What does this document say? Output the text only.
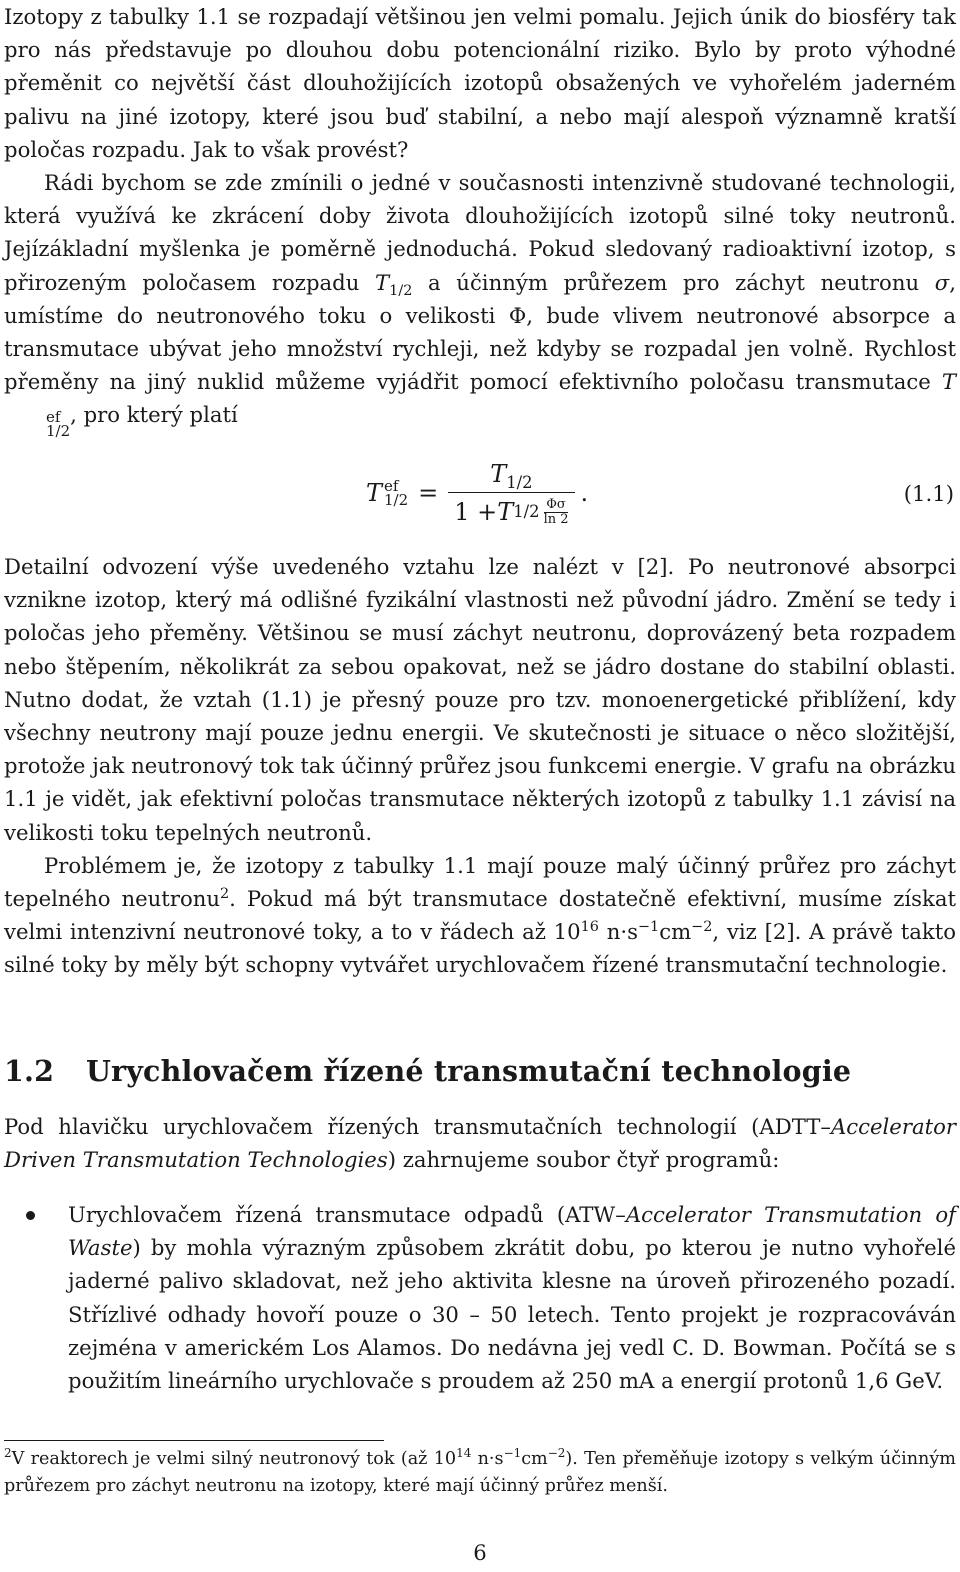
Izotopy z tabulky 1.1 se rozpadají většinou jen velmi pomalu. Jejich únik do biosféry tak pro nás představuje po dlouhou dobu potencionální riziko. Bylo by proto výhodné přeměnit co největší část dlouhožijících izotopů obsažených ve vyhořelém jaderném palivu na jiné izotopy, které jsou buď stabilní, a nebo mají alespoň významně kratší poločas rozpadu. Jak to však provést?

Rádi bychom se zde zmínili o jedné v současnosti intenzivně studované technologii, která využívá ke zkrácení doby života dlouhožijících izotopů silné toky neutronů. Jejízákladní myšlenka je poměrně jednoduchá. Pokud sledovaný radioaktivní izotop, s přirozeným poločasem rozpadu $T_{1/2}$ a účinným průřezem pro záchyt neutronu σ, umístíme do neutronového toku o velikosti Φ, bude vlivem neutronové absorpce a transmutace ubývat jeho množství rychleji, než kdyby se rozpadal jen volně. Rychlost přeměny na jiný nuklid můžeme vyjádřit pomocí efektivního poločasu transmutace T
ef
1/2
, pro který platí

T ef
$1/2 = \frac{T_{1/2}}{1 + T 1/2 \frac{\Phi\sigma}{\ln 2}}$ .	(1.1)

Detailní odvození výše uvedeného vztahu lze nalézt v [2]. Po neutronové absorpci vznikne izotop, který má odlišné fyzikální vlastnosti než původní jádro. Změní se tedy i poločas jeho přeměny. Většinou se musí záchyt neutronu, doprovázený beta rozpadem nebo štěpením, několikrát za sebou opakovat, než se jádro dostane do stabilní oblasti. Nutno dodat, že vztah (1.1) je přesný pouze pro tzv. monoenergetické přiblížení, kdy všechny neutrony mají pouze jednu energii. Ve skutečnosti je situace o něco složitější, protože jak neutronový tok tak účinný průřez jsou funkcemi energie. V grafu na obrázku 1.1 je vidět, jak efektivní poločas transmutace některých izotopů z tabulky 1.1 závisí na velikosti toku tepelných neutronů.

Problémem je, že izotopy z tabulky 1.1 mají pouze malý účinný průřez pro záchyt tepelného neutronu$^2$. Pokud má být transmutace dostatečně efektivní, musíme získat velmi intenzivní neutronové toky, a to v řádech až $10^{16}$ $n\cdot s^{-1}cm^{-2}$, viz [2]. A právě takto silné toky by měly být schopny vytvářet urychlovačem řízené transmutační technologie.

1.2 Urychlovačem řízené transmutační technologie

Pod hlavičku urychlovačem řízených transmutačních technologií (ADTT–Accelerator Driven Transmutation Technologies) zahrnujeme soubor čtyř programů:

Urychlovačem řízená transmutace odpadů (ATW–Accelerator Transmutation of Waste) by mohla výrazným způsobem zkrátit dobu, po kterou je nutno vyhořelé jaderné palivo skladovat, než jeho aktivita klesne na úroveň přirozeného pozadí. Střízlivé odhady hovoří pouze o 30 – 50 letech. Tento projekt je rozpracováván zejména v americkém Los Alamos. Do nedávna jej vedl C. D. Bowman. Počítá se s použitím lineárního urychlovače s proudem až 250 mA a energií protonů 1,6 GeV.
$^2$V reaktorech je velmi silný neutronový tok (až $10^{14}$ $n\cdot s^{-1}cm^{-2}$). Ten přeměňuje izotopy s velkým účinným průřezem pro záchyt neutronu na izotopy, které mají účinný průřez menší.
6
